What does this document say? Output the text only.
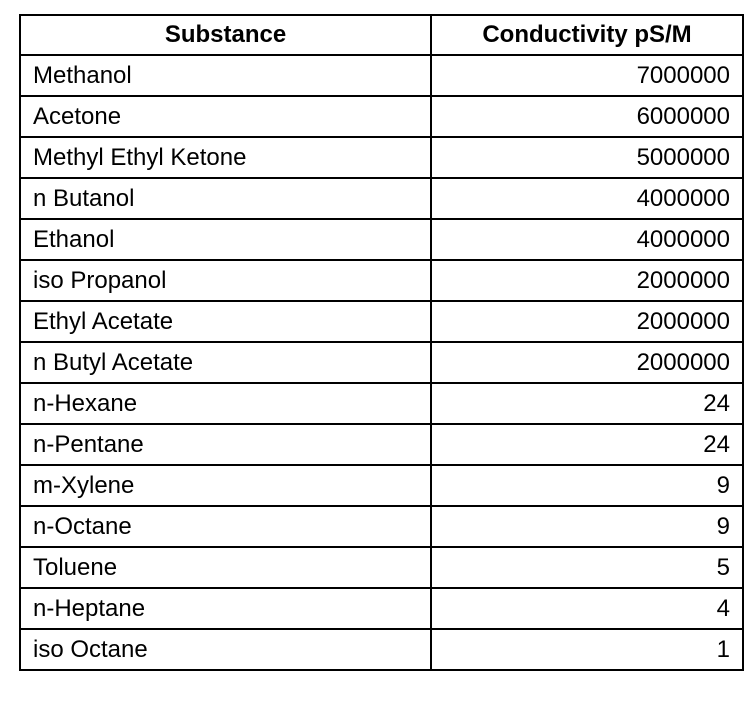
Substance	Conductivity pS/M
Methanol	7000000
Acetone	6000000
Methyl Ethyl Ketone	5000000
n Butanol	4000000
Ethanol	4000000
iso Propanol	2000000
Ethyl Acetate	2000000
n Butyl Acetate	2000000
n-Hexane	24
n-Pentane	24
m-Xylene	9
n-Octane	9
Toluene	5
n-Heptane	4
iso Octane	1
